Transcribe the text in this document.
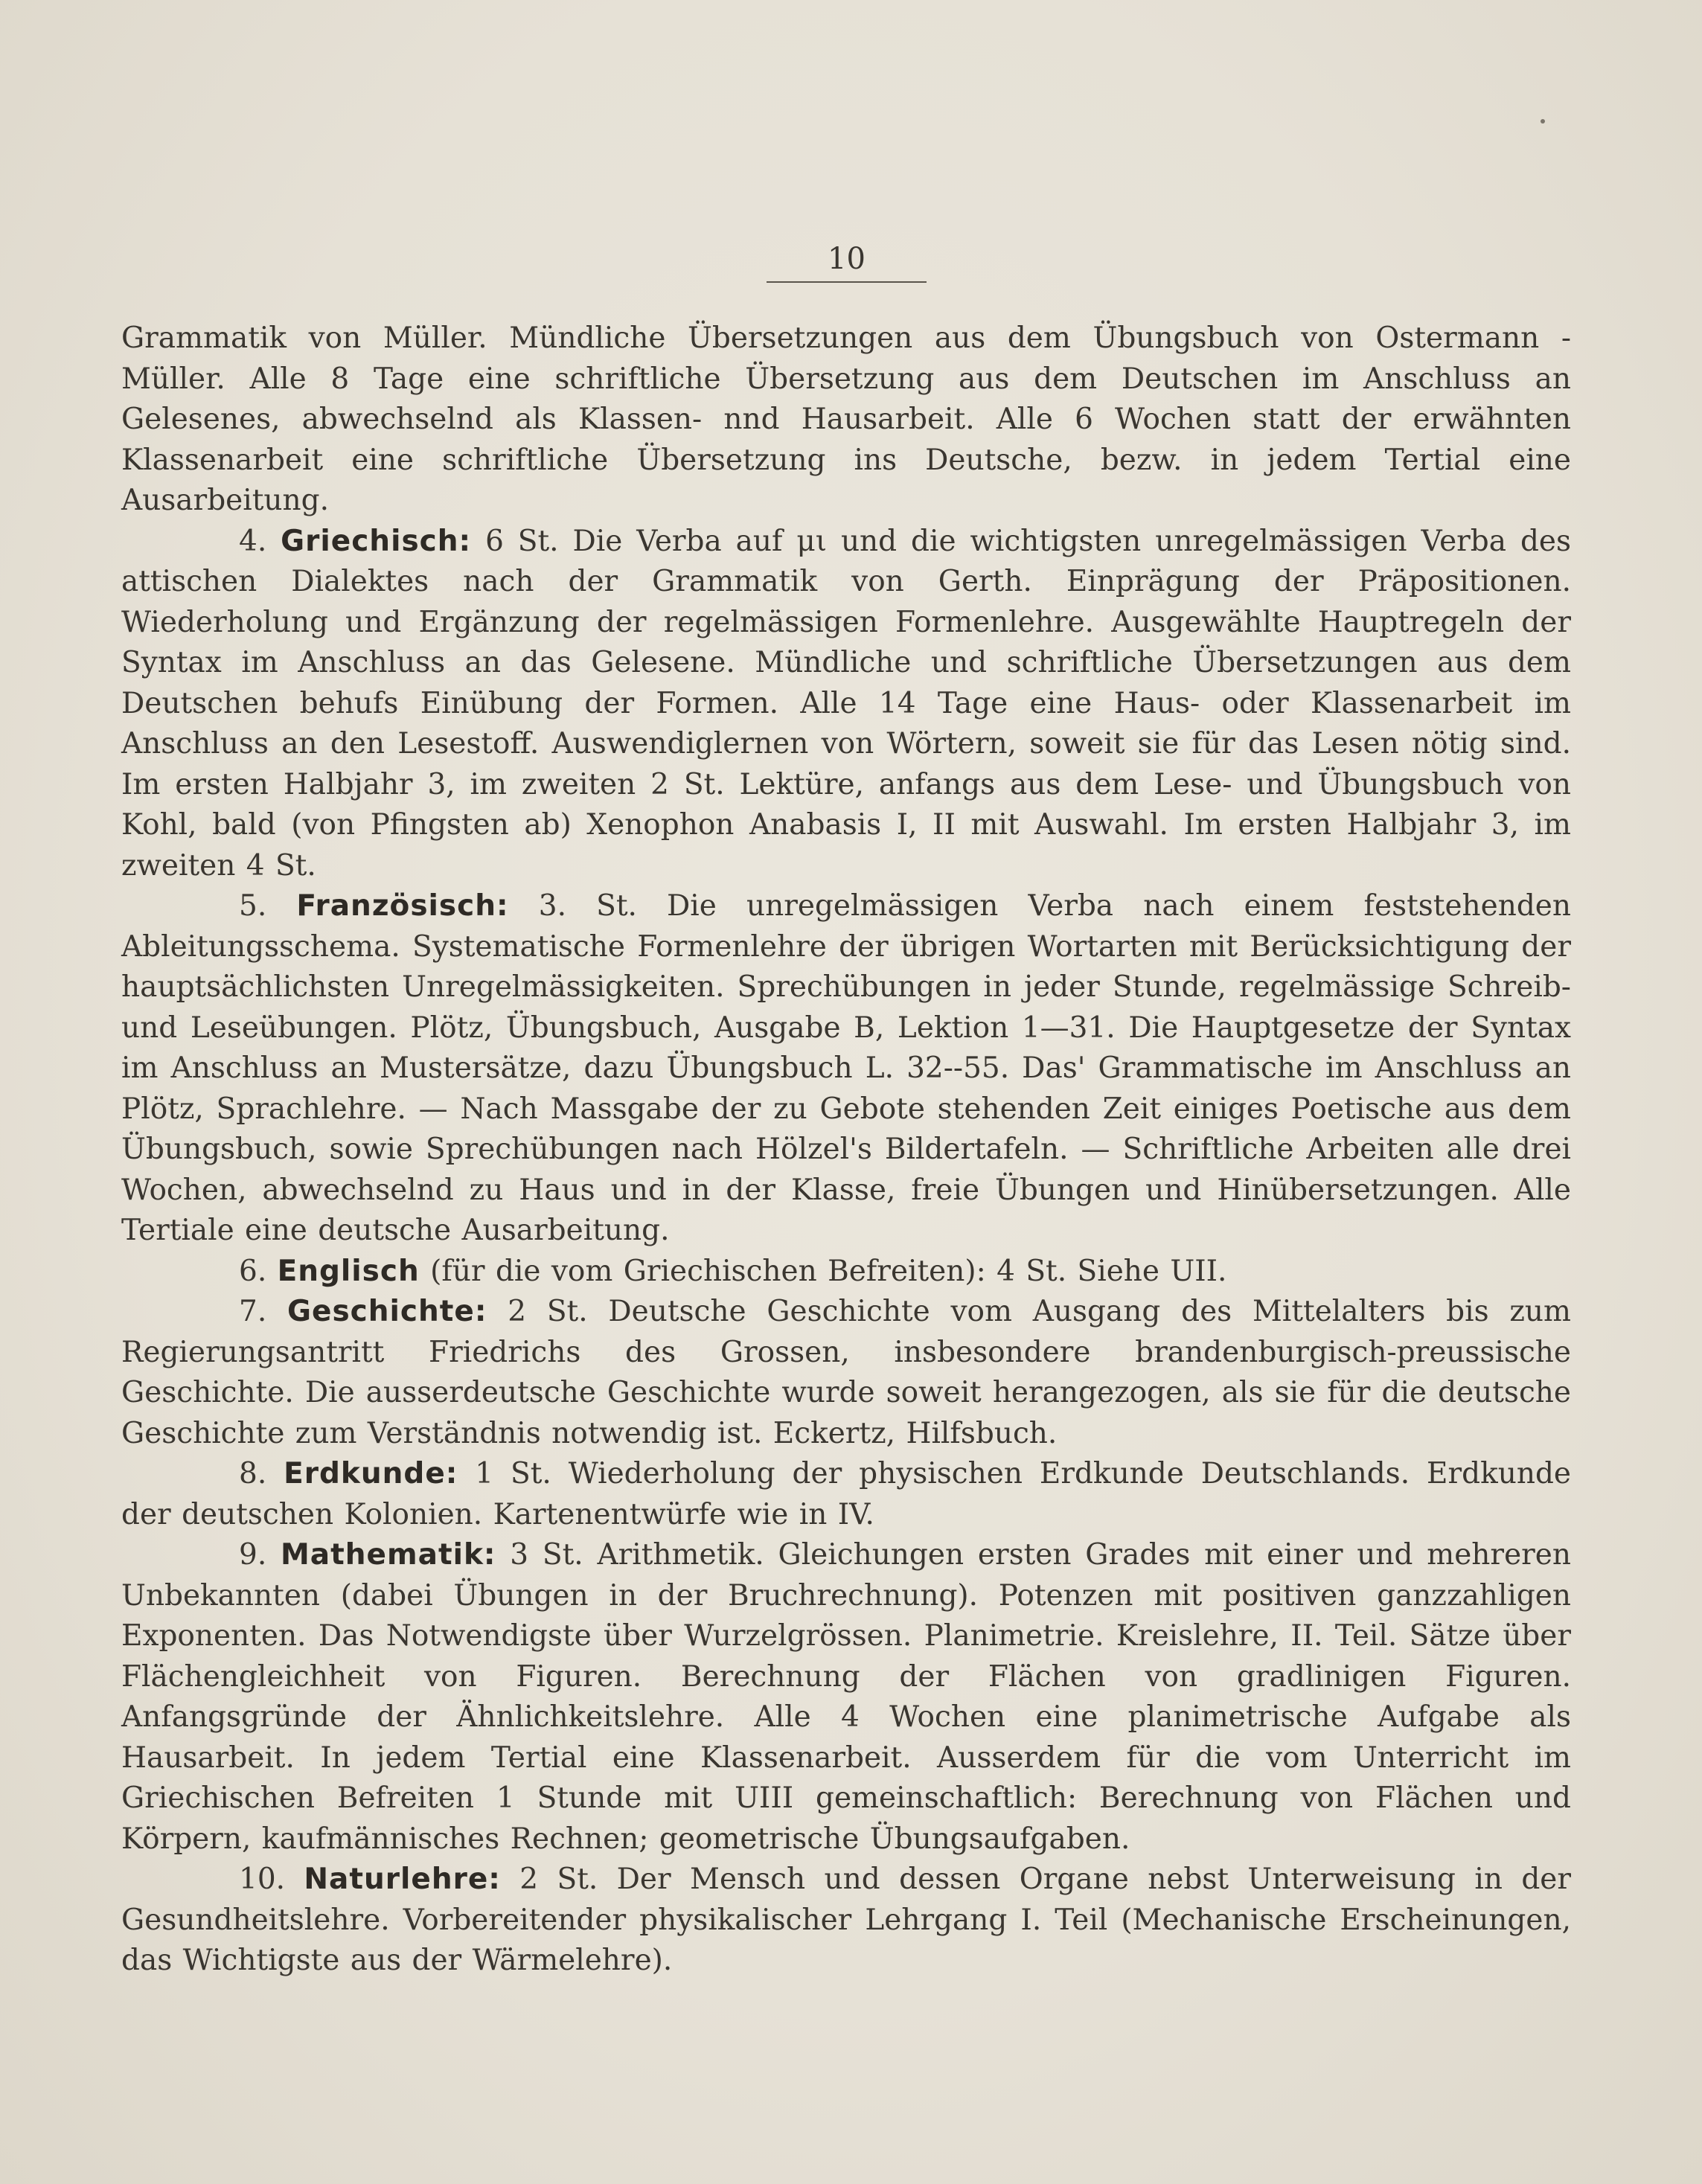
10

Grammatik von Müller. Mündliche Übersetzungen aus dem Übungsbuch von Ostermann - Müller. Alle 8 Tage eine schriftliche Übersetzung aus dem Deutschen im Anschluss an Gelesenes, abwechselnd als Klassen- nnd Hausarbeit. Alle 6 Wochen statt der erwähnten Klassenarbeit eine schriftliche Übersetzung ins Deutsche, bezw. in jedem Tertial eine Ausarbeitung.

4. Griechisch: 6 St. Die Verba auf μι und die wichtigsten unregelmässigen Verba des attischen Dialektes nach der Grammatik von Gerth. Einprägung der Präpositionen. Wiederholung und Ergänzung der regelmässigen Formenlehre. Ausgewählte Hauptregeln der Syntax im Anschluss an das Gelesene. Mündliche und schriftliche Übersetzungen aus dem Deutschen behufs Einübung der Formen. Alle 14 Tage eine Haus- oder Klassenarbeit im Anschluss an den Lesestoff. Auswendiglernen von Wörtern, soweit sie für das Lesen nötig sind. Im ersten Halbjahr 3, im zweiten 2 St. Lektüre, anfangs aus dem Lese- und Übungsbuch von Kohl, bald (von Pfingsten ab) Xenophon Anabasis I, II mit Auswahl. Im ersten Halbjahr 3, im zweiten 4 St.

5. Französisch: 3. St. Die unregelmässigen Verba nach einem feststehenden Ableitungsschema. Systematische Formenlehre der übrigen Wortarten mit Berücksichtigung der hauptsächlichsten Unregelmässigkeiten. Sprechübungen in jeder Stunde, regelmässige Schreib- und Leseübungen. Plötz, Übungsbuch, Ausgabe B, Lektion 1—31. Die Hauptgesetze der Syntax im Anschluss an Mustersätze, dazu Übungsbuch L. 32--55. Das' Grammatische im Anschluss an Plötz, Sprachlehre. — Nach Massgabe der zu Gebote stehenden Zeit einiges Poetische aus dem Übungsbuch, sowie Sprechübungen nach Hölzel's Bildertafeln. — Schriftliche Arbeiten alle drei Wochen, abwechselnd zu Haus und in der Klasse, freie Übungen und Hinübersetzungen. Alle Tertiale eine deutsche Ausarbeitung.

6. Englisch (für die vom Griechischen Befreiten): 4 St. Siehe UII.

7. Geschichte: 2 St. Deutsche Geschichte vom Ausgang des Mittelalters bis zum Regierungsantritt Friedrichs des Grossen, insbesondere brandenburgisch-preussische Geschichte. Die ausserdeutsche Geschichte wurde soweit herangezogen, als sie für die deutsche Geschichte zum Verständnis notwendig ist. Eckertz, Hilfsbuch.

8. Erdkunde: 1 St. Wiederholung der physischen Erdkunde Deutschlands. Erdkunde der deutschen Kolonien. Kartenentwürfe wie in IV.

9. Mathematik: 3 St. Arithmetik. Gleichungen ersten Grades mit einer und mehreren Unbekannten (dabei Übungen in der Bruchrechnung). Potenzen mit positiven ganzzahligen Exponenten. Das Notwendigste über Wurzelgrössen. Planimetrie. Kreislehre, II. Teil. Sätze über Flächengleichheit von Figuren. Berechnung der Flächen von gradlinigen Figuren. Anfangsgründe der Ähnlichkeitslehre. Alle 4 Wochen eine planimetrische Aufgabe als Hausarbeit. In jedem Tertial eine Klassenarbeit. Ausserdem für die vom Unterricht im Griechischen Befreiten 1 Stunde mit UIII gemeinschaftlich: Berechnung von Flächen und Körpern, kaufmännisches Rechnen; geometrische Übungsaufgaben.

10. Naturlehre: 2 St. Der Mensch und dessen Organe nebst Unterweisung in der Gesundheitslehre. Vorbereitender physikalischer Lehrgang I. Teil (Mechanische Erscheinungen, das Wichtigste aus der Wärmelehre).
